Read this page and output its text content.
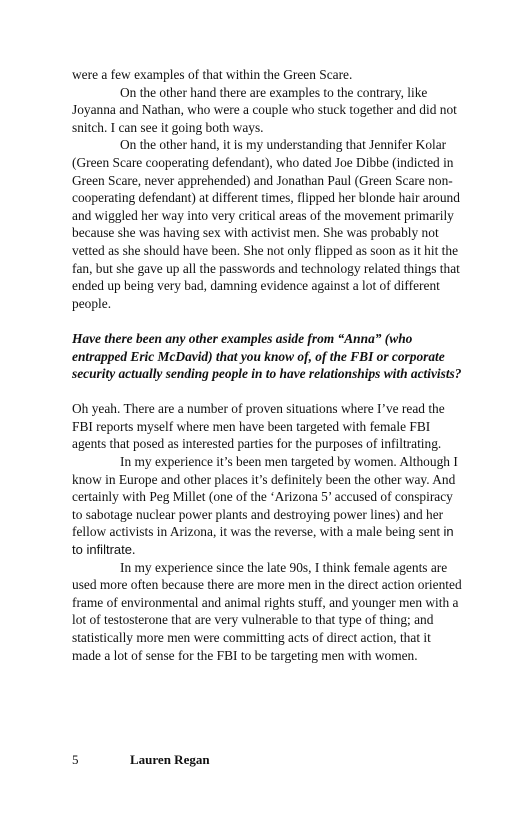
were a few examples of that within the Green Scare.

On the other hand there are examples to the contrary, like Joyanna and Nathan, who were a couple who stuck together and did not snitch. I can see it going both ways.

On the other hand, it is my understanding that Jennifer Kolar (Green Scare cooperating defendant), who dated Joe Dibbe (indicted in Green Scare, never apprehended) and Jonathan Paul (Green Scare non-cooperating defendant) at different times, flipped her blonde hair around and wiggled her way into very critical areas of the movement primarily because she was having sex with activist men. She was probably not vetted as she should have been. She not only flipped as soon as it hit the fan, but she gave up all the passwords and technology related things that ended up being very bad, damning evidence against a lot of different people.

Have there been any other examples aside from “Anna” (who entrapped Eric McDavid) that you know of, of the FBI or corporate security actually sending people in to have relationships with activists?

Oh yeah. There are a number of proven situations where I’ve read the FBI reports myself where men have been targeted with female FBI agents that posed as interested parties for the purposes of infiltrating.

In my experience it’s been men targeted by women. Although I know in Europe and other places it’s definitely been the other way. And certainly with Peg Millet (one of the ‘Arizona 5’ accused of conspiracy to sabotage nuclear power plants and destroying power lines) and her fellow activists in Arizona, it was the reverse, with a male being sent in to infiltrate.

In my experience since the late 90s, I think female agents are used more often because there are more men in the direct action oriented frame of environmental and animal rights stuff, and younger men with a lot of testosterone that are very vulnerable to that type of thing; and statistically more men were committing acts of direct action, that it made a lot of sense for the FBI to be targeting men with women.

5	Lauren Regan
